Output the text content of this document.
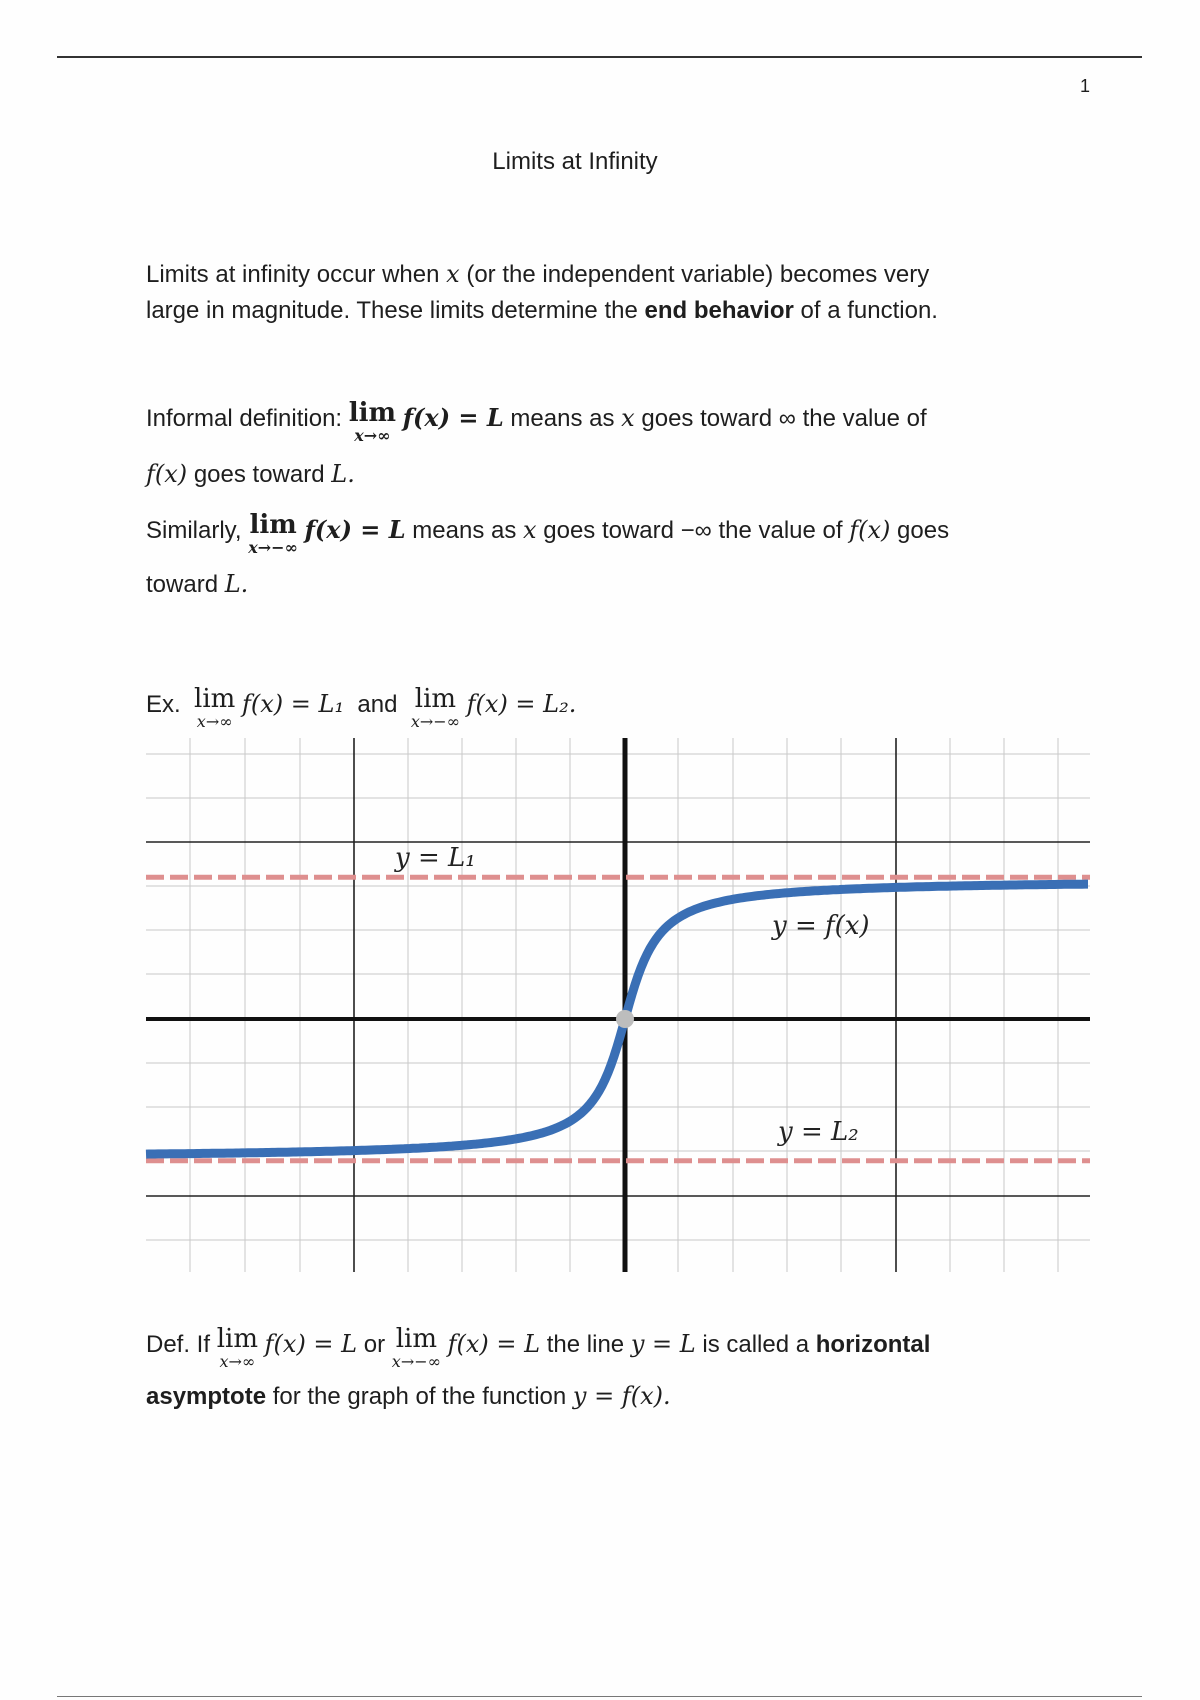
1
Limits at Infinity
Limits at infinity occur when x (or the independent variable) becomes very
large in magnitude. These limits determine the end behavior of a function.
Informal definition: lim
x→∞
f(x) = L means as x goes toward ∞ the value of
f(x) goes toward L.
Similarly, lim
x→−∞
f(x) = L means as x goes toward −∞ the value of f(x) goes
toward L.
Ex. lim
x→∞
f(x) = L₁ and lim
x→−∞
f(x) = L₂.
y = L₁
y = f(x)
y = L₂
Def. If lim
x→∞
f(x) = L or lim
x→−∞
f(x) = L the line y = L is called a horizontal
asymptote for the graph of the function y = f(x).
